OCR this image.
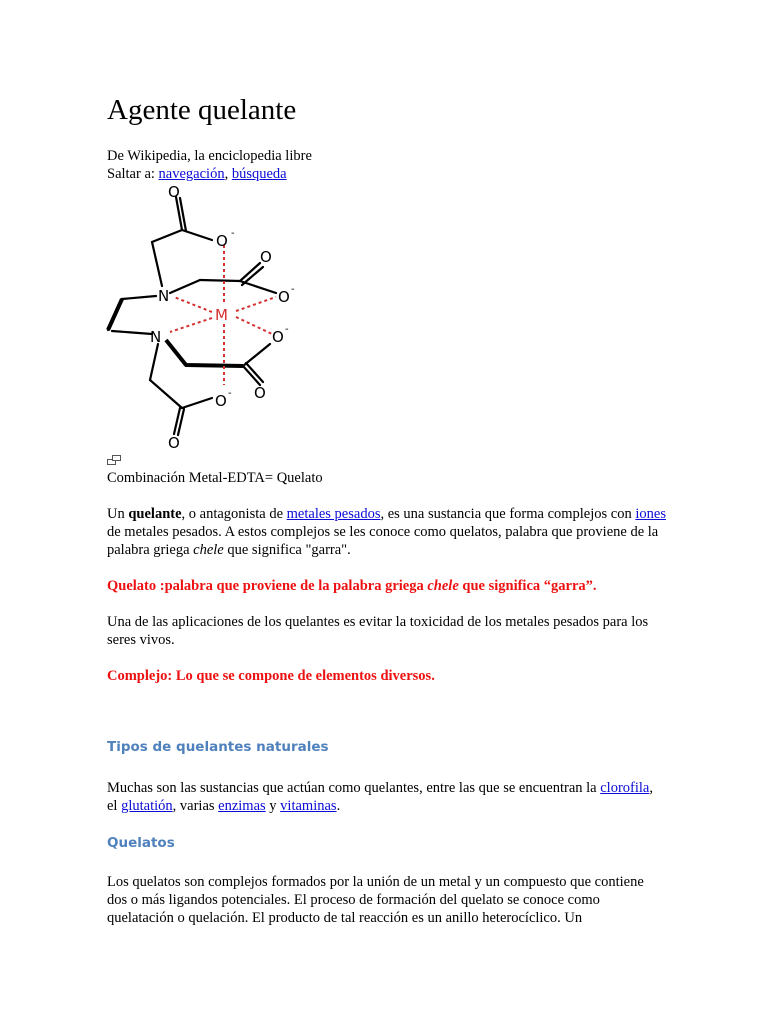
Agente quelante
De Wikipedia, la enciclopedia libre
Saltar a: navegación, búsqueda
O
O -
O
O -
N
M
N	O -
O
O -
O
Combinación Metal-EDTA= Quelato

Un quelante, o antagonista de metales pesados, es una sustancia que forma complejos con iones de metales pesados. A estos complejos se les conoce como quelatos, palabra que proviene de la palabra griega chele que significa "garra".

Quelato :palabra que proviene de la palabra griega chele que significa “garra”.

Una de las aplicaciones de los quelantes es evitar la toxicidad de los metales pesados para los seres vivos.

Complejo: Lo que se compone de elementos diversos.

Tipos de quelantes naturales

Muchas son las sustancias que actúan como quelantes, entre las que se encuentran la clorofila, el glutatión, varias enzimas y vitaminas.

Quelatos

Los quelatos son complejos formados por la unión de un metal y un compuesto que contiene dos o más ligandos potenciales. El proceso de formación del quelato se conoce como quelatación o quelación. El producto de tal reacción es un anillo heterocíclico. Un
